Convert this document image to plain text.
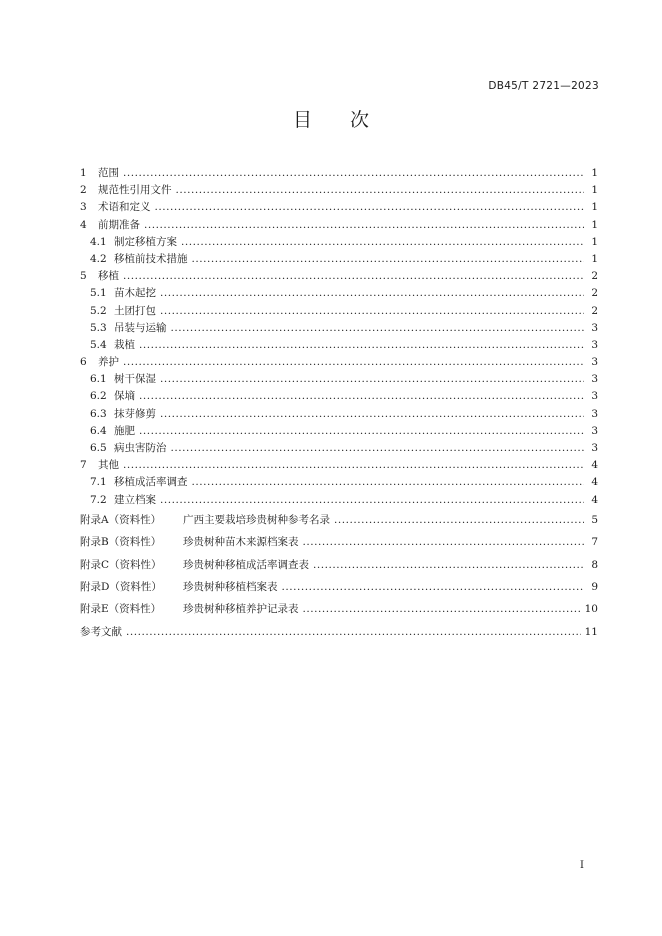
DB45/T 2721—2023
目　　次
1	范围 . . .	1
2	规范性引用文件 . . .	1
3	术语和定义 . . .	1
4	前期准备 . . .	1
4.1 制定移植方案 . . .	1
4.2 移植前技术措施 . . .	1
5	移植 . . .	2
5.1 苗木起挖 . . .	2
5.2 土团打包 . . .	2
5.3 吊装与运输 . . .	3
5.4 栽植 . . .	3
6	养护 . . .	3
6.1 树干保湿 . . .	3
6.2 保墒 . . .	3
6.3 抹芽修剪 . . .	3
6.4 施肥 . . .	3
6.5 病虫害防治 . . .	3
7	其他 . . .	4
7.1 移植成活率调查 . . .	4
7.2 建立档案 . . .	4
附录A（资料性）	广西主要栽培珍贵树种参考名录 . . .	5
附录B（资料性）	珍贵树种苗木来源档案表 . . .	7
附录C（资料性）	珍贵树种移植成活率调查表 . . .	8
附录D（资料性）	珍贵树种移植档案表 . . .	9
附录E（资料性）	珍贵树种移植养护记录表 . . .	10
参考文献 . . .	11
I
